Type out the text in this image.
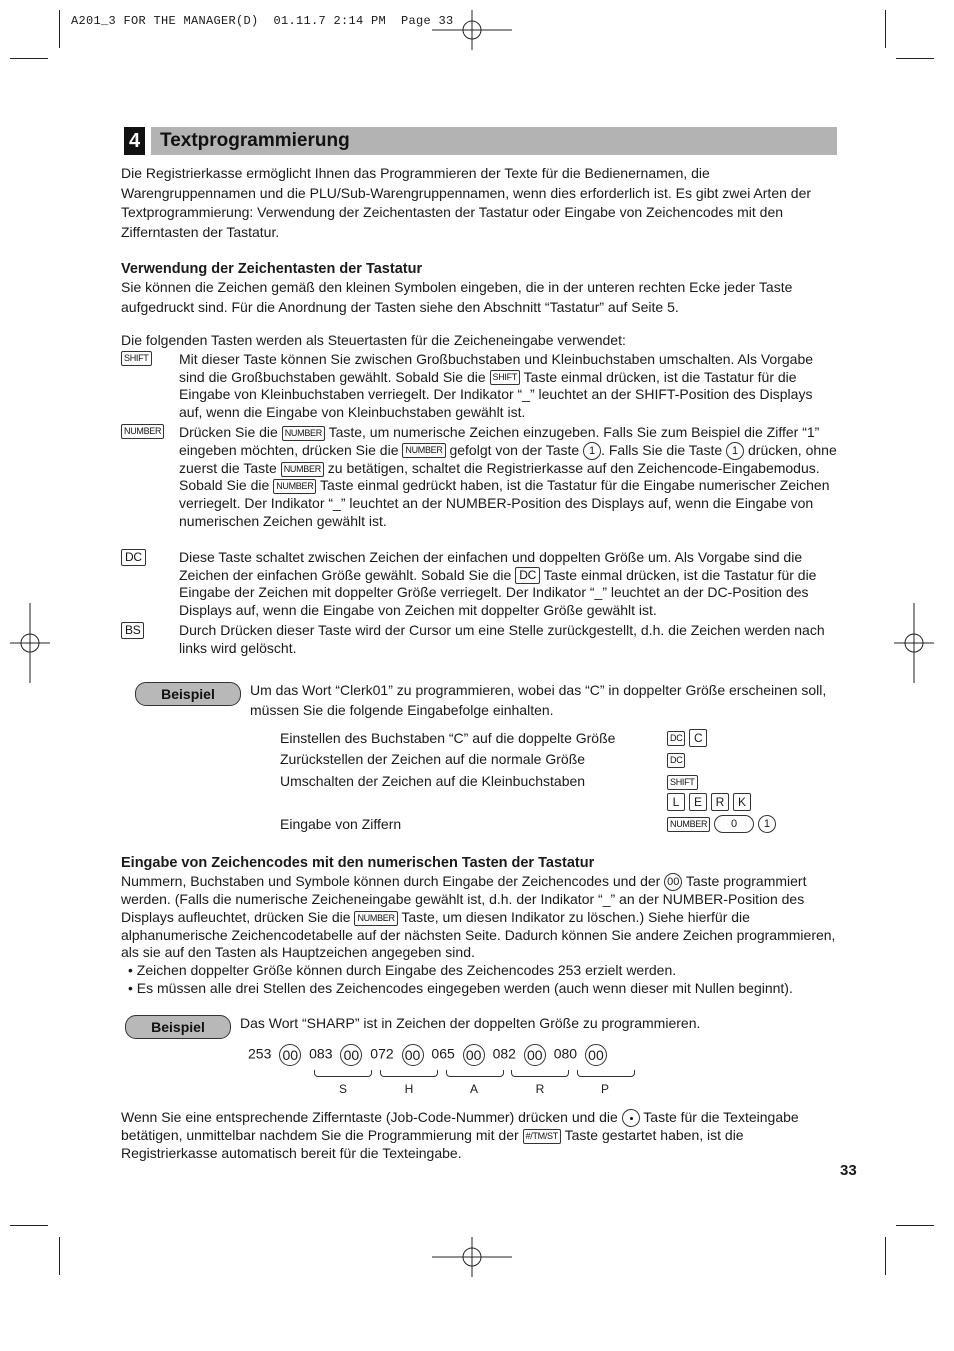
A201_3 FOR THE MANAGER(D)  01.11.7 2:14 PM  Page 33
4 Textprogrammierung
Die Registrierkasse ermöglicht Ihnen das Programmieren der Texte für die Bedienernamen, die Warengruppennamen und die PLU/Sub-Warengruppennamen, wenn dies erforderlich ist. Es gibt zwei Arten der Textprogrammierung: Verwendung der Zeichentasten der Tastatur oder Eingabe von Zeichencodes mit den Zifferntasten der Tastatur.
Verwendung der Zeichentasten der Tastatur
Sie können die Zeichen gemäß den kleinen Symbolen eingeben, die in der unteren rechten Ecke jeder Taste aufgedruckt sind. Für die Anordnung der Tasten siehe den Abschnitt “Tastatur” auf Seite 5.
Die folgenden Tasten werden als Steuertasten für die Zeicheneingabe verwendet:
SHIFT Mit dieser Taste können Sie zwischen Großbuchstaben und Kleinbuchstaben umschalten. Als Vorgabe sind die Großbuchstaben gewählt. Sobald Sie die SHIFT Taste einmal drücken, ist die Tastatur für die Eingabe von Kleinbuchstaben verriegelt. Der Indikator “_” leuchtet an der SHIFT-Position des Displays auf, wenn die Eingabe von Kleinbuchstaben gewählt ist.
NUMBER Drücken Sie die NUMBER Taste, um numerische Zeichen einzugeben. Falls Sie zum Beispiel die Ziffer “1” eingeben möchten, drücken Sie die NUMBER gefolgt von der Taste 1 . Falls Sie die Taste 1 drücken, ohne zuerst die Taste NUMBER zu betätigen, schaltet die Registrierkasse auf den Zeichencode-Eingabemodus.
Sobald Sie die NUMBER Taste einmal gedrückt haben, ist die Tastatur für die Eingabe numerischer Zeichen verriegelt. Der Indikator “_” leuchtet an der NUMBER-Position des Displays auf, wenn die Eingabe von numerischen Zeichen gewählt ist.
DC	Diese Taste schaltet zwischen Zeichen der einfachen und doppelten Größe um. Als Vorgabe sind die Zeichen der einfachen Größe gewählt. Sobald Sie die DC Taste einmal drücken, ist die Tastatur für die Eingabe der Zeichen mit doppelter Größe verriegelt. Der Indikator “_” leuchtet an der DC-Position des Displays auf, wenn die Eingabe von Zeichen mit doppelter Größe gewählt ist.
BS	Durch Drücken dieser Taste wird der Cursor um eine Stelle zurückgestellt, d.h. die Zeichen werden nach links wird gelöscht.
Beispiel	Um das Wort “Clerk01” zu programmieren, wobei das “C” in doppelter Größe erscheinen soll, müssen Sie die folgende Eingabefolge einhalten.
Einstellen des Buchstaben “C” auf die doppelte Größe	DC C
Zurückstellen der Zeichen auf die normale Größe	DC
Umschalten der Zeichen auf die Kleinbuchstaben	SHIFT
L E R K
Eingabe von Ziffern	NUMBER 0 1
Eingabe von Zeichencodes mit den numerischen Tasten der Tastatur
Nummern, Buchstaben und Symbole können durch Eingabe der Zeichencodes und der 00 Taste programmiert werden. (Falls die numerische Zeicheneingabe gewählt ist, d.h. der Indikator “_” an der NUMBER-Position des Displays aufleuchtet, drücken Sie die NUMBER Taste, um diesen Indikator zu löschen.) Siehe hierfür die alphanumerische Zeichencodetabelle auf der nächsten Seite. Dadurch können Sie andere Zeichen programmieren, als sie auf den Tasten als Hauptzeichen angegeben sind.
• Zeichen doppelter Größe können durch Eingabe des Zeichencodes 253 erzielt werden.
• Es müssen alle drei Stellen des Zeichencodes eingegeben werden (auch wenn dieser mit Nullen beginnt).
Beispiel	Das Wort “SHARP” ist in Zeichen der doppelten Größe zu programmieren.
253 00 083 00 072 00 065 00 082 00 080 00
S	H	A	R	P
Wenn Sie eine entsprechende Zifferntaste (Job-Code-Nummer) drücken und die Taste für die Texteingabe betätigen, unmittelbar nachdem Sie die Programmierung mit der #/TM/ST Taste gestartet haben, ist die Registrierkasse automatisch bereit für die Texteingabe.
33
